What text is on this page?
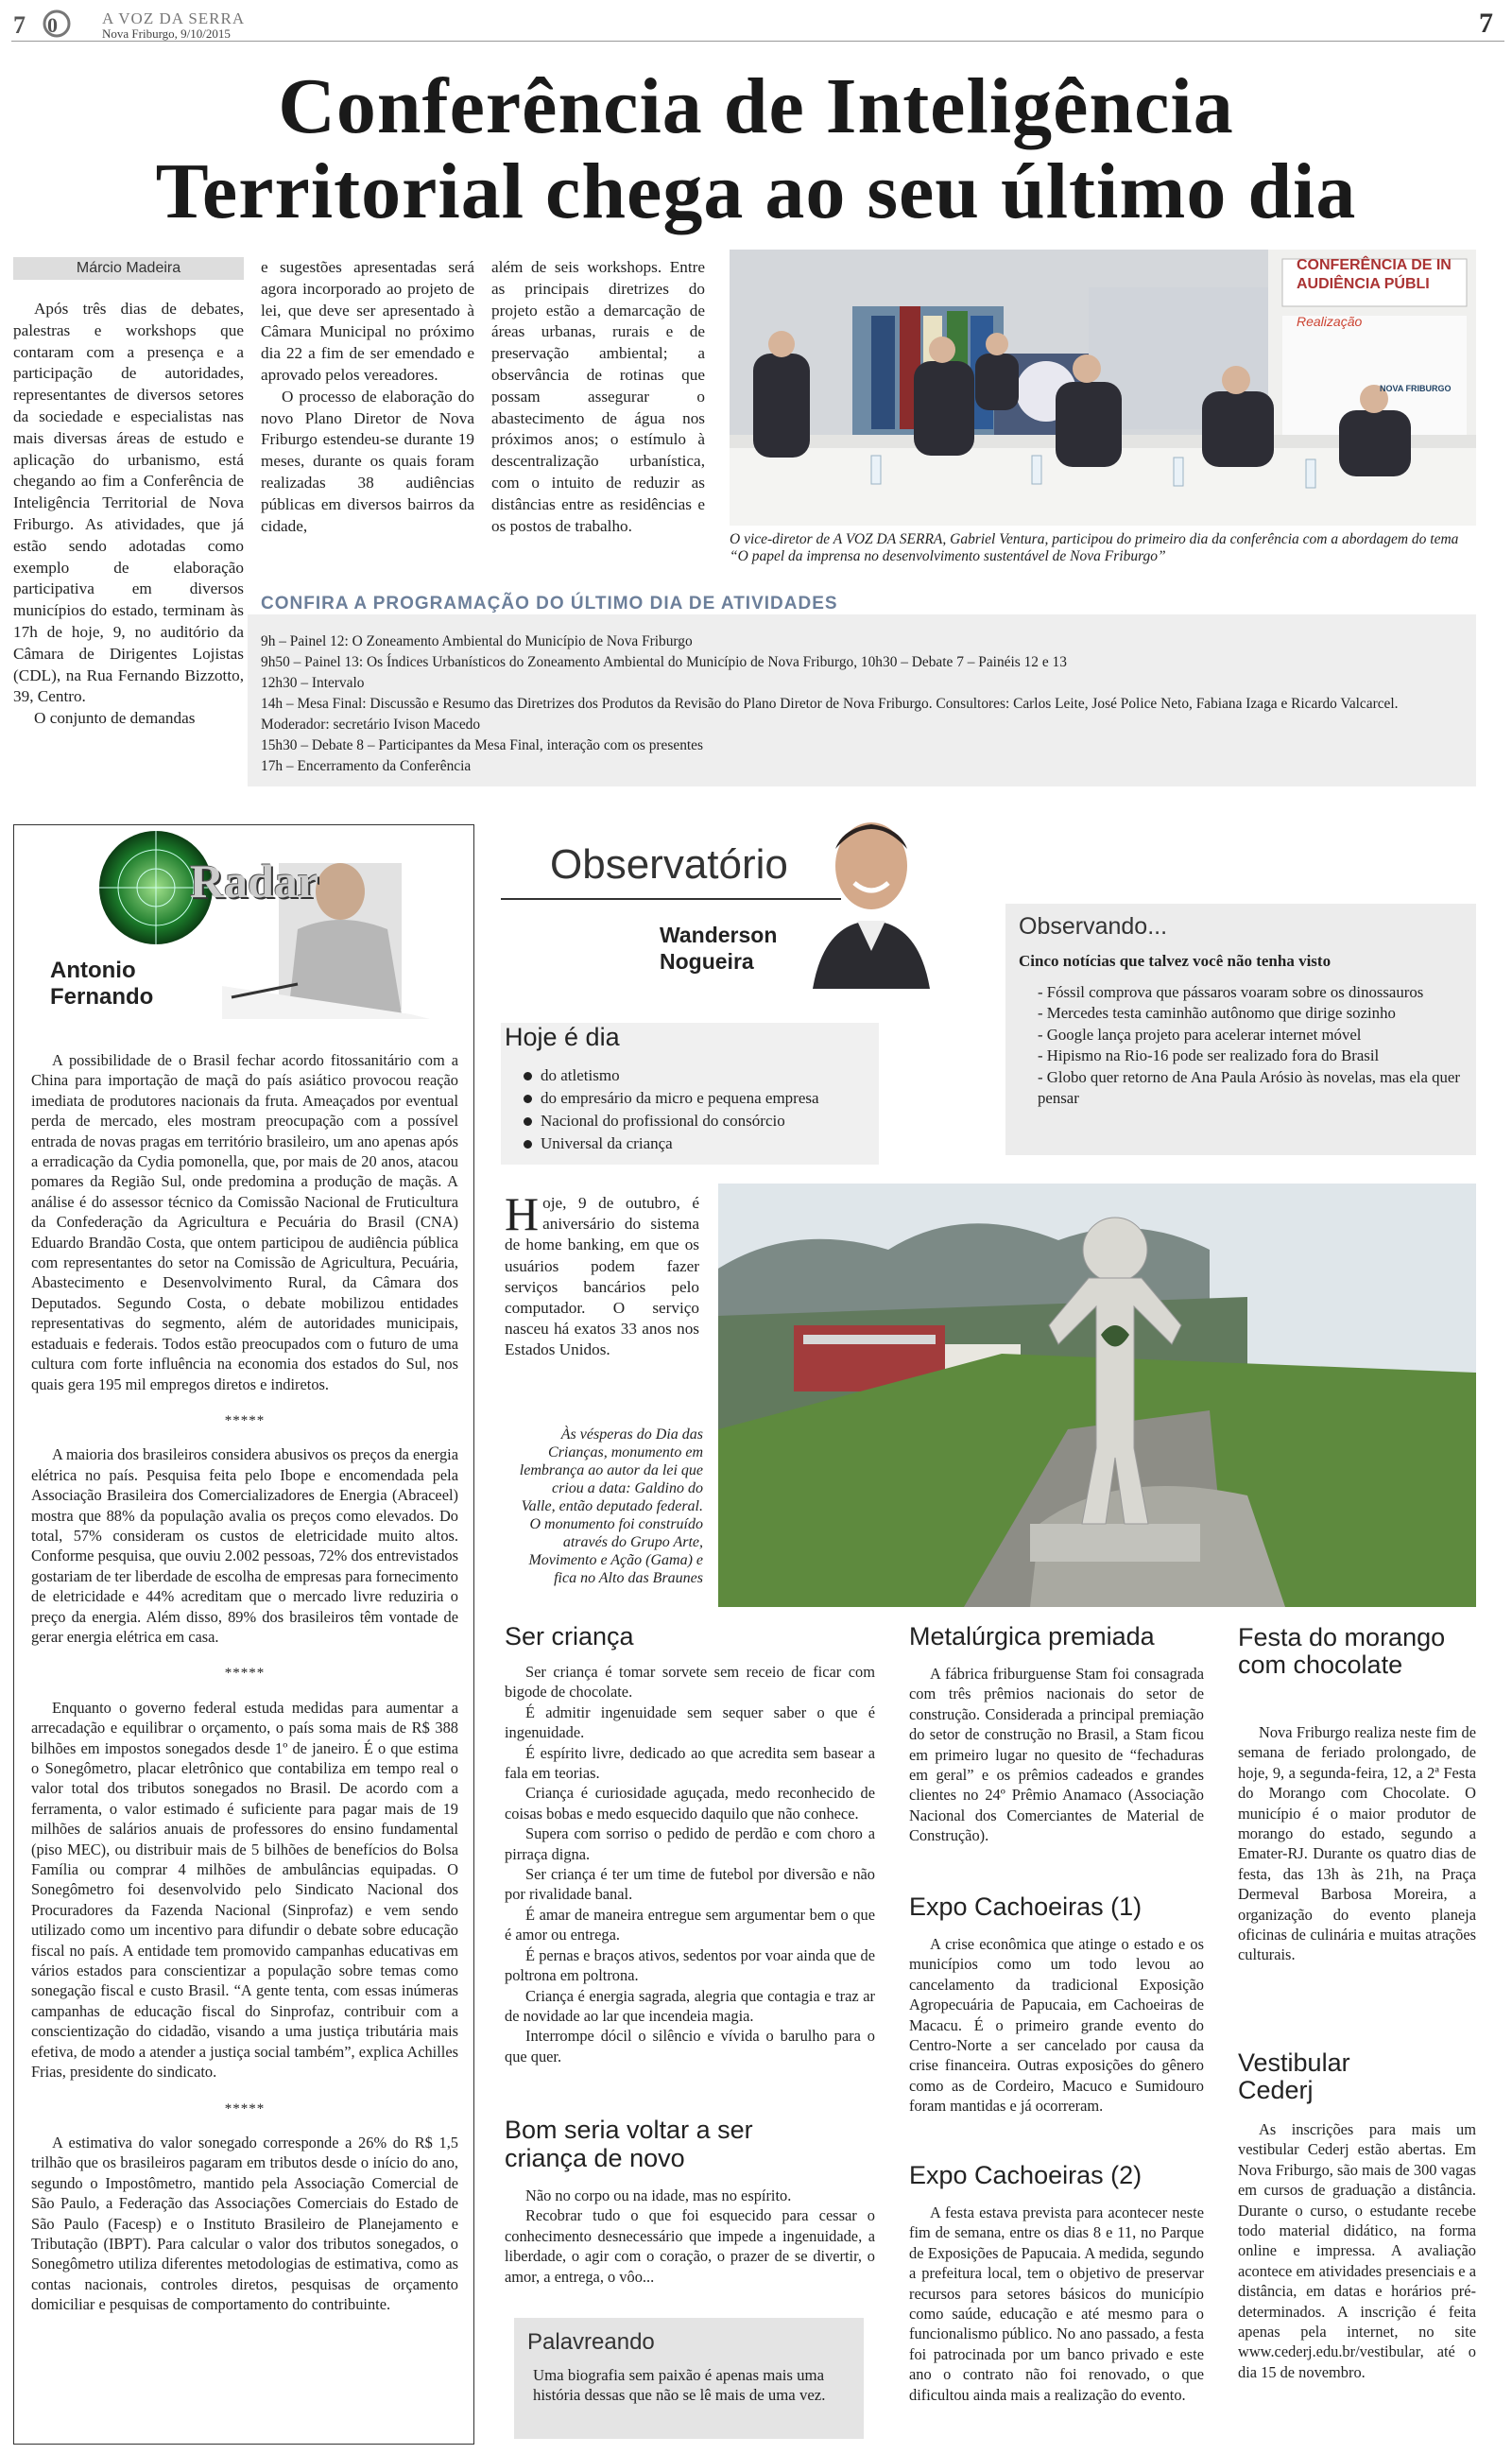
7 0	A VOZ DA SERRA
Nova Friburgo, 9/10/2015	7
Conferência de Inteligência
Territorial chega ao seu último dia
Márcio Madeira

Após três dias de debates, palestras e workshops que contaram com a presença e a participação de autoridades, representantes de diversos setores da sociedade e especialistas nas mais diversas áreas de estudo e aplicação do urbanismo, está chegando ao fim a Conferência de Inteligência Territorial de Nova Friburgo. As atividades, que já estão sendo adotadas como exemplo de elaboração participativa em diversos municípios do estado, terminam às 17h de hoje, 9, no auditório da Câmara de Dirigentes Lojistas (CDL), na Rua Fernando Bizzotto, 39, Centro.

O conjunto de demandas

e sugestões apresentadas será agora incorporado ao projeto de lei, que deve ser apresentado à Câmara Municipal no próximo dia 22 a fim de ser emendado e aprovado pelos vereadores.

O processo de elaboração do novo Plano Diretor de Nova Friburgo estendeu-se durante 19 meses, durante os quais foram realizadas 38 audiências públicas em diversos bairros da cidade,

além de seis workshops. Entre as principais diretrizes do projeto estão a demarcação de áreas urbanas, rurais e de preservação ambiental; a observância de rotinas que possam assegurar o abastecimento de água nos próximos anos; o estímulo à descentralização urbanística, com o intuito de reduzir as distâncias entre as residências e os postos de trabalho.

CONFERÊNCIA DE IN
AUDIÊNCIA PÚBLI
Realização
NOVA FRIBURGO
O vice-diretor de A VOZ DA SERRA, Gabriel Ventura, participou do primeiro dia da conferência com a abordagem do tema “O papel da imprensa no desenvolvimento sustentável de Nova Friburgo”
CONFIRA A PROGRAMAÇÃO DO ÚLTIMO DIA DE ATIVIDADES
9h – Painel 12: O Zoneamento Ambiental do Município de Nova Friburgo
9h50 – Painel 13: Os Índices Urbanísticos do Zoneamento Ambiental do Município de Nova Friburgo, 10h30 – Debate 7 – Painéis 12 e 13
12h30 – Intervalo
14h – Mesa Final: Discussão e Resumo das Diretrizes dos Produtos da Revisão do Plano Diretor de Nova Friburgo. Consultores: Carlos Leite, José Police Neto, Fabiana Izaga e Ricardo Valcarcel. Moderador: secretário Ivison Macedo
15h30 – Debate 8 – Participantes da Mesa Final, interação com os presentes
17h – Encerramento da Conferência
Radar
Antonio
Fernando

A possibilidade de o Brasil fechar acordo fitossanitário com a China para importação de maçã do país asiático provocou reação imediata de produtores nacionais da fruta. Ameaçados por eventual perda de mercado, eles mostram preocupação com a possível entrada de novas pragas em território brasileiro, um ano apenas após a erradicação da Cydia pomonella, que, por mais de 20 anos, atacou pomares da Região Sul, onde predomina a produção de maçãs. A análise é do assessor técnico da Comissão Nacional de Fruticultura da Confederação da Agricultura e Pecuária do Brasil (CNA) Eduardo Brandão Costa, que ontem participou de audiência pública com representantes do setor na Comissão de Agricultura, Pecuária, Abastecimento e Desenvolvimento Rural, da Câmara dos Deputados. Segundo Costa, o debate mobilizou entidades representativas do segmento, além de autoridades municipais, estaduais e federais. Todos estão preocupados com o futuro de uma cultura com forte influência na economia dos estados do Sul, nos quais gera 195 mil empregos diretos e indiretos.

*****

A maioria dos brasileiros considera abusivos os preços da energia elétrica no país. Pesquisa feita pelo Ibope e encomendada pela Associação Brasileira dos Comercializadores de Energia (Abraceel) mostra que 88% da população avalia os preços como elevados. Do total, 57% consideram os custos de eletricidade muito altos. Conforme pesquisa, que ouviu 2.002 pessoas, 72% dos entrevistados gostariam de ter liberdade de escolha de empresas para fornecimento de eletricidade e 44% acreditam que o mercado livre reduziria o preço da energia. Além disso, 89% dos brasileiros têm vontade de gerar energia elétrica em casa.

*****

Enquanto o governo federal estuda medidas para aumentar a arrecadação e equilibrar o orçamento, o país soma mais de R$ 388 bilhões em impostos sonegados desde 1º de janeiro. É o que estima o Sonegômetro, placar eletrônico que contabiliza em tempo real o valor total dos tributos sonegados no Brasil. De acordo com a ferramenta, o valor estimado é suficiente para pagar mais de 19 milhões de salários anuais de professores do ensino fundamental (piso MEC), ou distribuir mais de 5 bilhões de benefícios do Bolsa Família ou comprar 4 milhões de ambulâncias equipadas. O Sonegômetro foi desenvolvido pelo Sindicato Nacional dos Procuradores da Fazenda Nacional (Sinprofaz) e vem sendo utilizado como um incentivo para difundir o debate sobre educação fiscal no país. A entidade tem promovido campanhas educativas em vários estados para conscientizar a população sobre temas como sonegação fiscal e custo Brasil. “A gente tenta, com essas inúmeras campanhas de educação fiscal do Sinprofaz, contribuir com a conscientização do cidadão, visando a uma justiça tributária mais efetiva, de modo a atender a justiça social também”, explica Achilles Frias, presidente do sindicato.

*****

A estimativa do valor sonegado corresponde a 26% do R$ 1,5 trilhão que os brasileiros pagaram em tributos desde o início do ano, segundo o Impostômetro, mantido pela Associação Comercial de São Paulo, a Federação das Associações Comerciais do Estado de São Paulo (Facesp) e o Instituto Brasileiro de Planejamento e Tributação (IBPT). Para calcular o valor dos tributos sonegados, o Sonegômetro utiliza diferentes metodologias de estimativa, como as contas nacionais, controles diretos, pesquisas de orçamento domiciliar e pesquisas de comportamento do contribuinte.

Observatório
Wanderson
Nogueira
Hoje é dia
do atletismo
do empresário da micro e pequena empresa
Nacional do profissional do consórcio
Universal da criança
H oje, 9 de outubro, é aniversário do sistema de home banking, em que os usuários podem fazer serviços bancários pelo computador. O serviço nasceu há exatos 33 anos nos Estados Unidos.
Observando...
Cinco notícias que talvez você não tenha visto
- Fóssil comprova que pássaros voaram sobre os dinossauros
- Mercedes testa caminhão autônomo que dirige sozinho
- Google lança projeto para acelerar internet móvel
- Hipismo na Rio-16 pode ser realizado fora do Brasil
- Globo quer retorno de Ana Paula Arósio às novelas, mas ela quer pensar
Às vésperas do Dia das Crianças, monumento em lembrança ao autor da lei que criou a data: Galdino do Valle, então deputado federal. O monumento foi construído através do Grupo Arte, Movimento e Ação (Gama) e fica no Alto das Braunes
Ser criança

Ser criança é tomar sorvete sem receio de ficar com bigode de chocolate.

É admitir ingenuidade sem sequer saber o que é ingenuidade.

É espírito livre, dedicado ao que acredita sem basear a fala em teorias.

Criança é curiosidade aguçada, medo reconhecido de coisas bobas e medo esquecido daquilo que não conhece.

Supera com sorriso o pedido de perdão e com choro a pirraça digna.

Ser criança é ter um time de futebol por diversão e não por rivalidade banal.

É amar de maneira entregue sem argumentar bem o que é amor ou entrega.

É pernas e braços ativos, sedentos por voar ainda que de poltrona em poltrona.

Criança é energia sagrada, alegria que contagia e traz ar de novidade ao lar que incendeia magia.

Interrompe dócil o silêncio e vívida o barulho para o que quer.

Bom seria voltar a ser criança de novo

Não no corpo ou na idade, mas no espírito.

Recobrar tudo o que foi esquecido para cessar o conhecimento desnecessário que impede a ingenuidade, a liberdade, o agir com o coração, o prazer de se divertir, o amor, a entrega, o vôo...

Palavreando
Uma biografia sem paixão é apenas mais uma história dessas que não se lê mais de uma vez.
Metalúrgica premiada

A fábrica friburguense Stam foi consagrada com três prêmios nacionais do setor de construção. Considerada a principal premiação do setor de construção no Brasil, a Stam ficou em primeiro lugar no quesito de “fechaduras em geral” e os prêmios cadeados e grandes clientes no 24º Prêmio Anamaco (Associação Nacional dos Comerciantes de Material de Construção).

Expo Cachoeiras (1)

A crise econômica que atinge o estado e os municípios como um todo levou ao cancelamento da tradicional Exposição Agropecuária de Papucaia, em Cachoeiras de Macacu. É o primeiro grande evento do Centro-Norte a ser cancelado por causa da crise financeira. Outras exposições do gênero como as de Cordeiro, Macuco e Sumidouro foram mantidas e já ocorreram.

Expo Cachoeiras (2)

A festa estava prevista para acontecer neste fim de semana, entre os dias 8 e 11, no Parque de Exposições de Papucaia. A medida, segundo a prefeitura local, tem o objetivo de preservar recursos para setores básicos do município como saúde, educação e até mesmo para o funcionalismo público. No ano passado, a festa foi patrocinada por um banco privado e este ano o contrato não foi renovado, o que dificultou ainda mais a realização do evento.

Festa do morango com chocolate

Nova Friburgo realiza neste fim de semana de feriado prolongado, de hoje, 9, a segunda-feira, 12, a 2ª Festa do Morango com Chocolate. O município é o maior produtor de morango do estado, segundo a Emater-RJ. Durante os quatro dias de festa, das 13h às 21h, na Praça Dermeval Barbosa Moreira, a organização do evento planeja oficinas de culinária e muitas atrações culturais.

Vestibular Cederj

As inscrições para mais um vestibular Cederj estão abertas. Em Nova Friburgo, são mais de 300 vagas em cursos de graduação a distância. Durante o curso, o estudante recebe todo material didático, na forma online e impressa. A avaliação acontece em atividades presenciais e a distância, em datas e horários pré-determinados. A inscrição é feita apenas pela internet, no site www.cederj.edu.br/vestibular, até o dia 15 de novembro.
